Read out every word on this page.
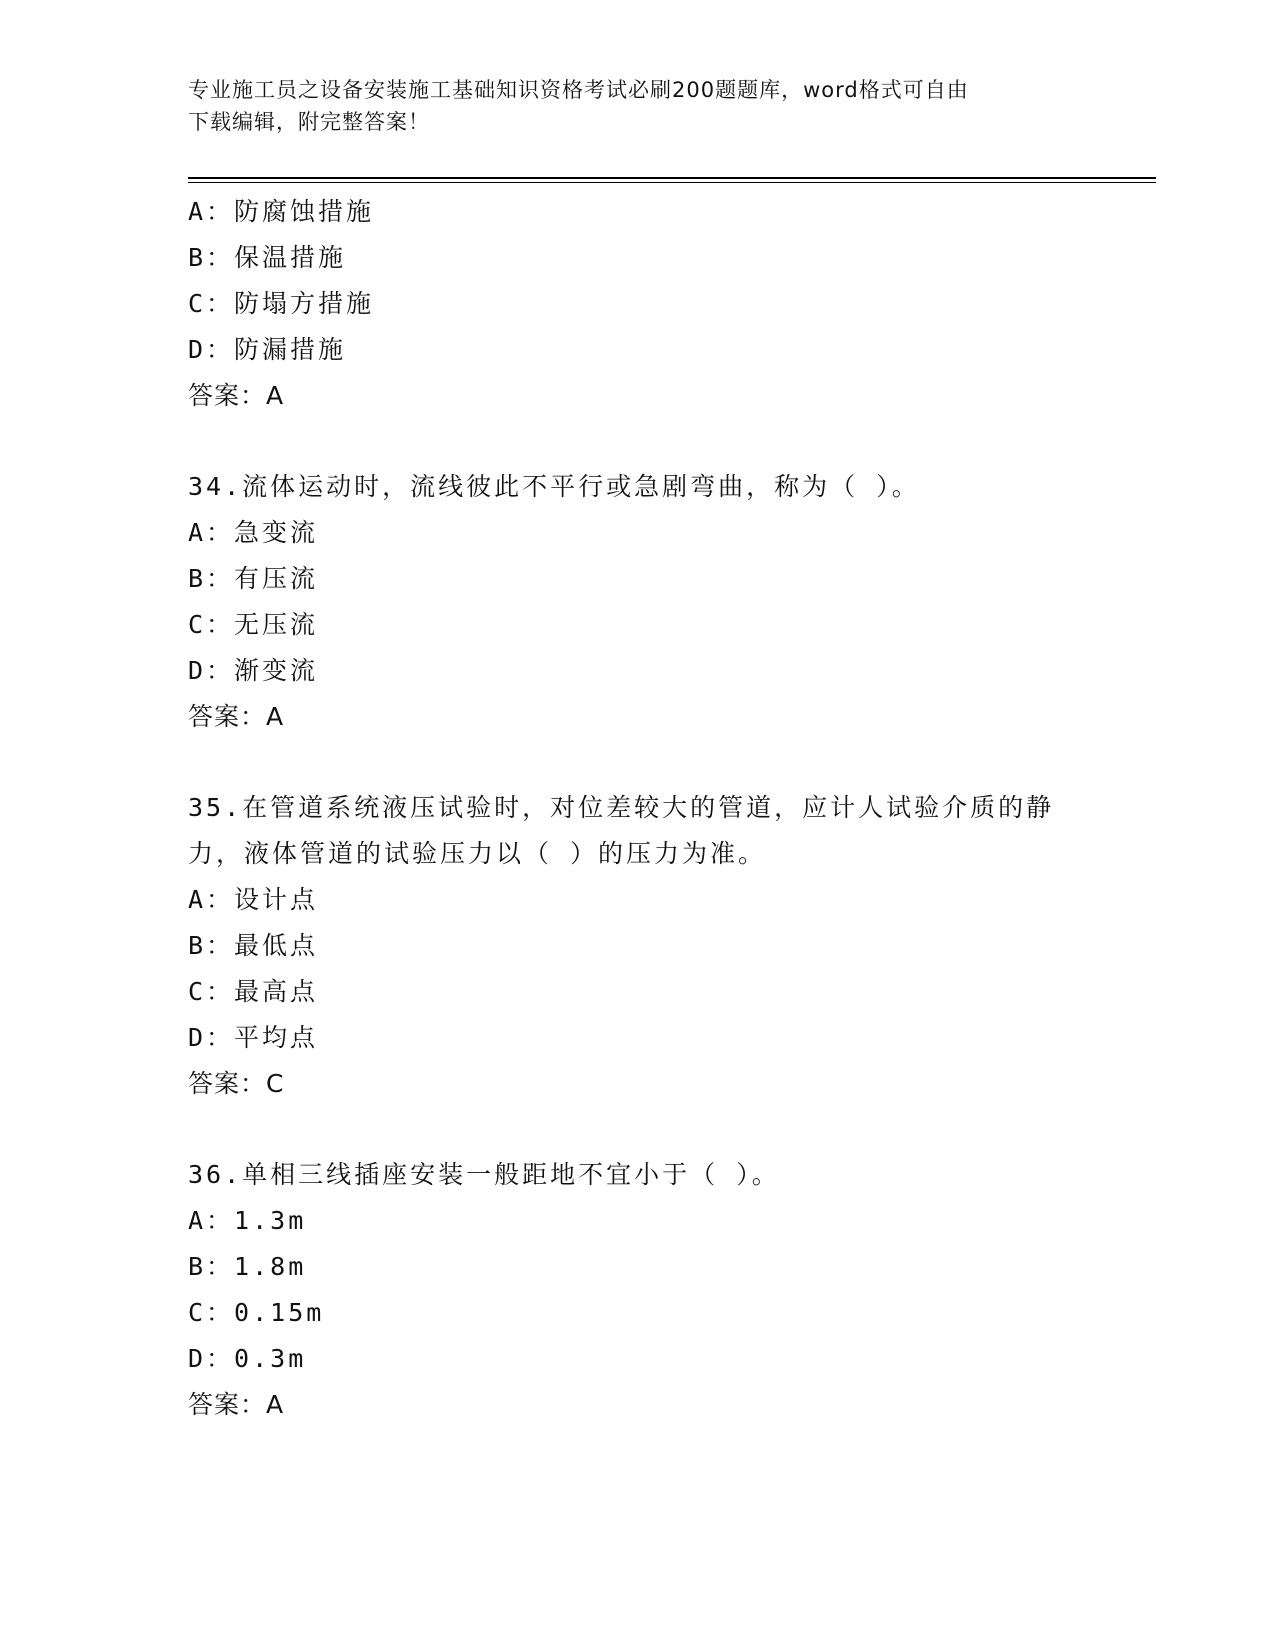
专业施工员之设备安装施工基础知识资格考试必刷200题题库，word格式可自由
下载编辑，附完整答案！
A：防腐蚀措施
B：保温措施
C：防塌方措施
D：防漏措施
答案：A
34.流体运动时，流线彼此不平行或急剧弯曲，称为（ ）。
A：急变流
B：有压流
C：无压流
D：渐变流
答案：A
35.在管道系统液压试验时，对位差较大的管道，应计人试验介质的静
力，液体管道的试验压力以（ ）的压力为准。
A：设计点
B：最低点
C：最高点
D：平均点
答案：C
36.单相三线插座安装一般距地不宜小于（ ）。
A：1.3m
B：1.8m
C：0.15m
D：0.3m
答案：A
